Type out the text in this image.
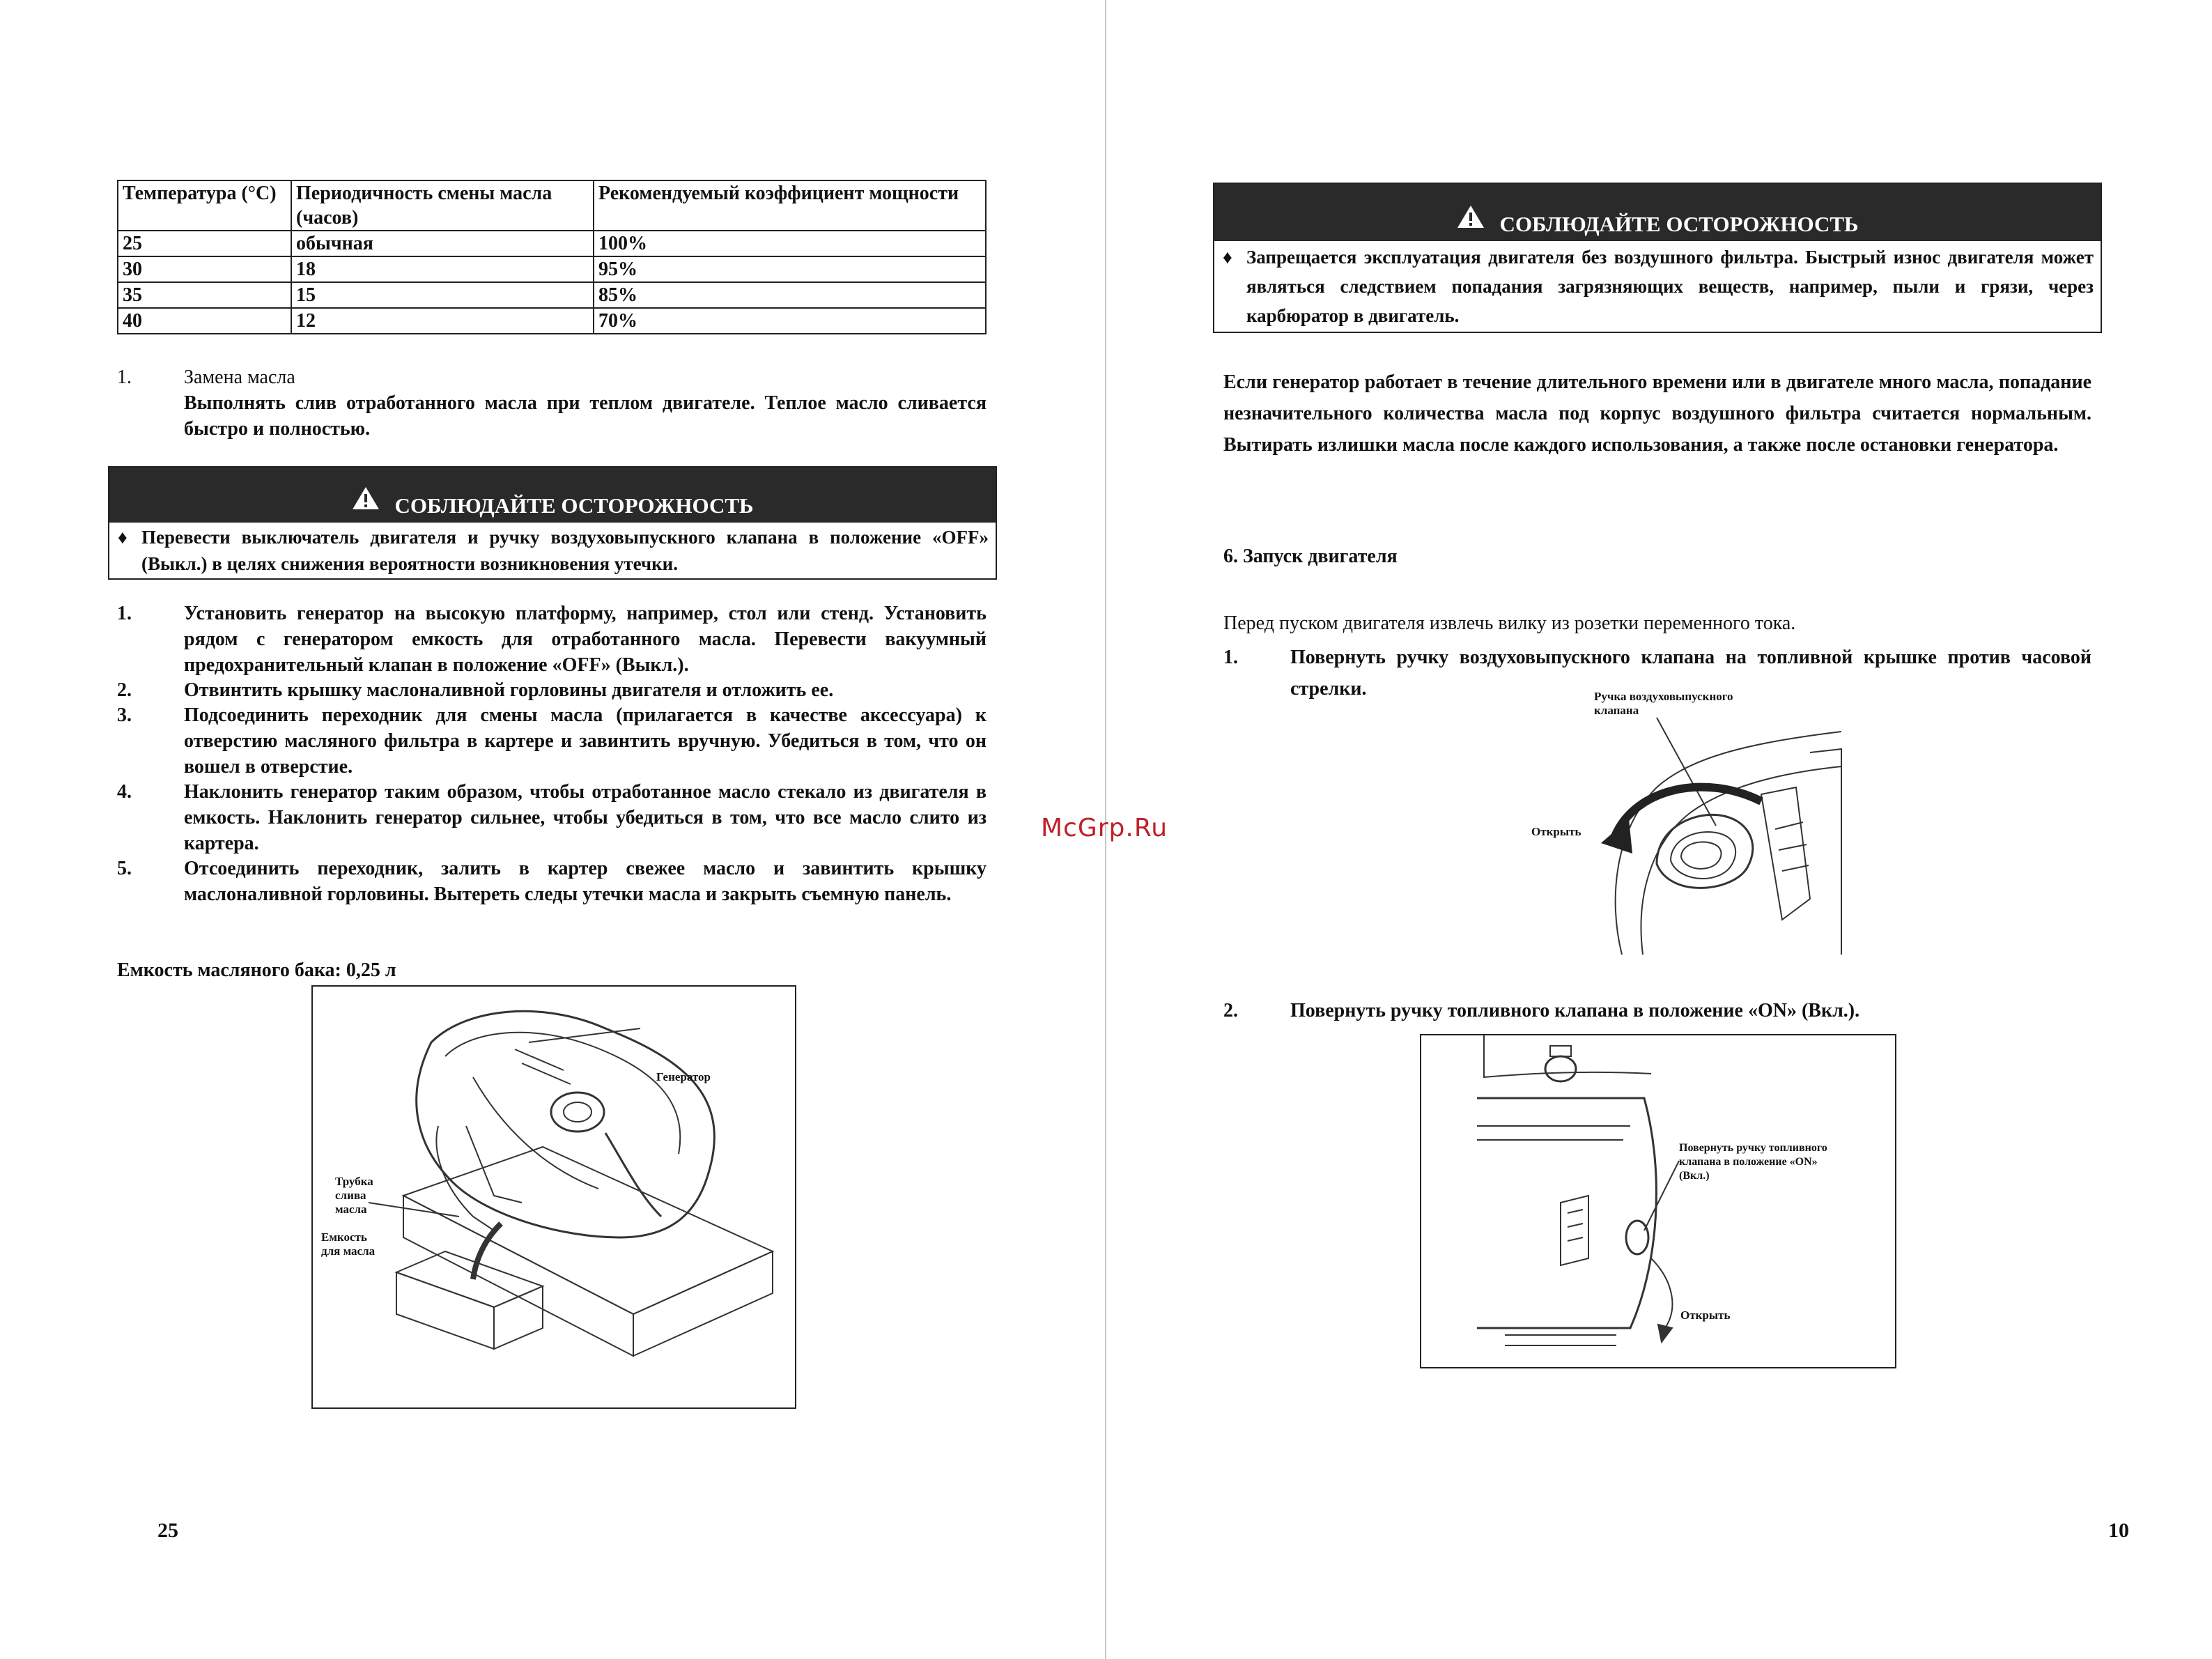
Температура (°С)	Периодичность смены масла (часов)	Рекомендуемый коэффициент мощности
25	обычная	100%
30	18	95%
35	15	85%
40	12	70%
1.	Замена масла
Выполнять слив отработанного масла при теплом двигателе. Теплое масло сливается быстро и полностью.
СОБЛЮДАЙТЕ ОСТОРОЖНОСТЬ
♦ Перевести выключатель двигателя и ручку воздуховыпускного клапана в положение «OFF» (Выкл.) в целях снижения вероятности возникновения утечки.
1.	Установить генератор на высокую платформу, например, стол или стенд. Установить рядом с генератором емкость для отработанного масла. Перевести вакуумный предохранительный клапан в положение «OFF» (Выкл.).
2.	Отвинтить крышку маслоналивной горловины двигателя и отложить ее.
3.	Подсоединить переходник для смены масла (прилагается в качестве аксессуара) к отверстию масляного фильтра в картере и завинтить вручную. Убедиться в том, что он вошел в отверстие.
4.	Наклонить генератор таким образом, чтобы отработанное масло стекало из двигателя в емкость. Наклонить генератор сильнее, чтобы убедиться в том, что все масло слито из картера.
5.	Отсоединить переходник, залить в картер свежее масло и завинтить крышку маслоналивной горловины. Вытереть следы утечки масла и закрыть съемную панель.
Емкость масляного бака: 0,25 л
Генератор
Трубка слива масла
Емкость для масла
25
СОБЛЮДАЙТЕ ОСТОРОЖНОСТЬ
♦ Запрещается эксплуатация двигателя без воздушного фильтра. Быстрый износ двигателя может являться следствием попадания загрязняющих веществ, например, пыли и грязи, через карбюратор в двигатель.
Если генератор работает в течение длительного времени или в двигателе много масла, попадание незначительного количества масла под корпус воздушного фильтра считается нормальным. Вытирать излишки масла после каждого использования, а также после остановки генератора.
6. Запуск двигателя
Перед пуском двигателя извлечь вилку из розетки переменного тока.
1.	Повернуть ручку воздуховыпускного клапана на топливной крышке против часовой стрелки.	Ручка воздуховыпускного клапана
Открыть
2.	Повернуть ручку топливного клапана в положение «ON» (Вкл.).
Повернуть ручку топливного клапана в положение «ON» (Вкл.)
Открыть
10
McGrp.Ru
